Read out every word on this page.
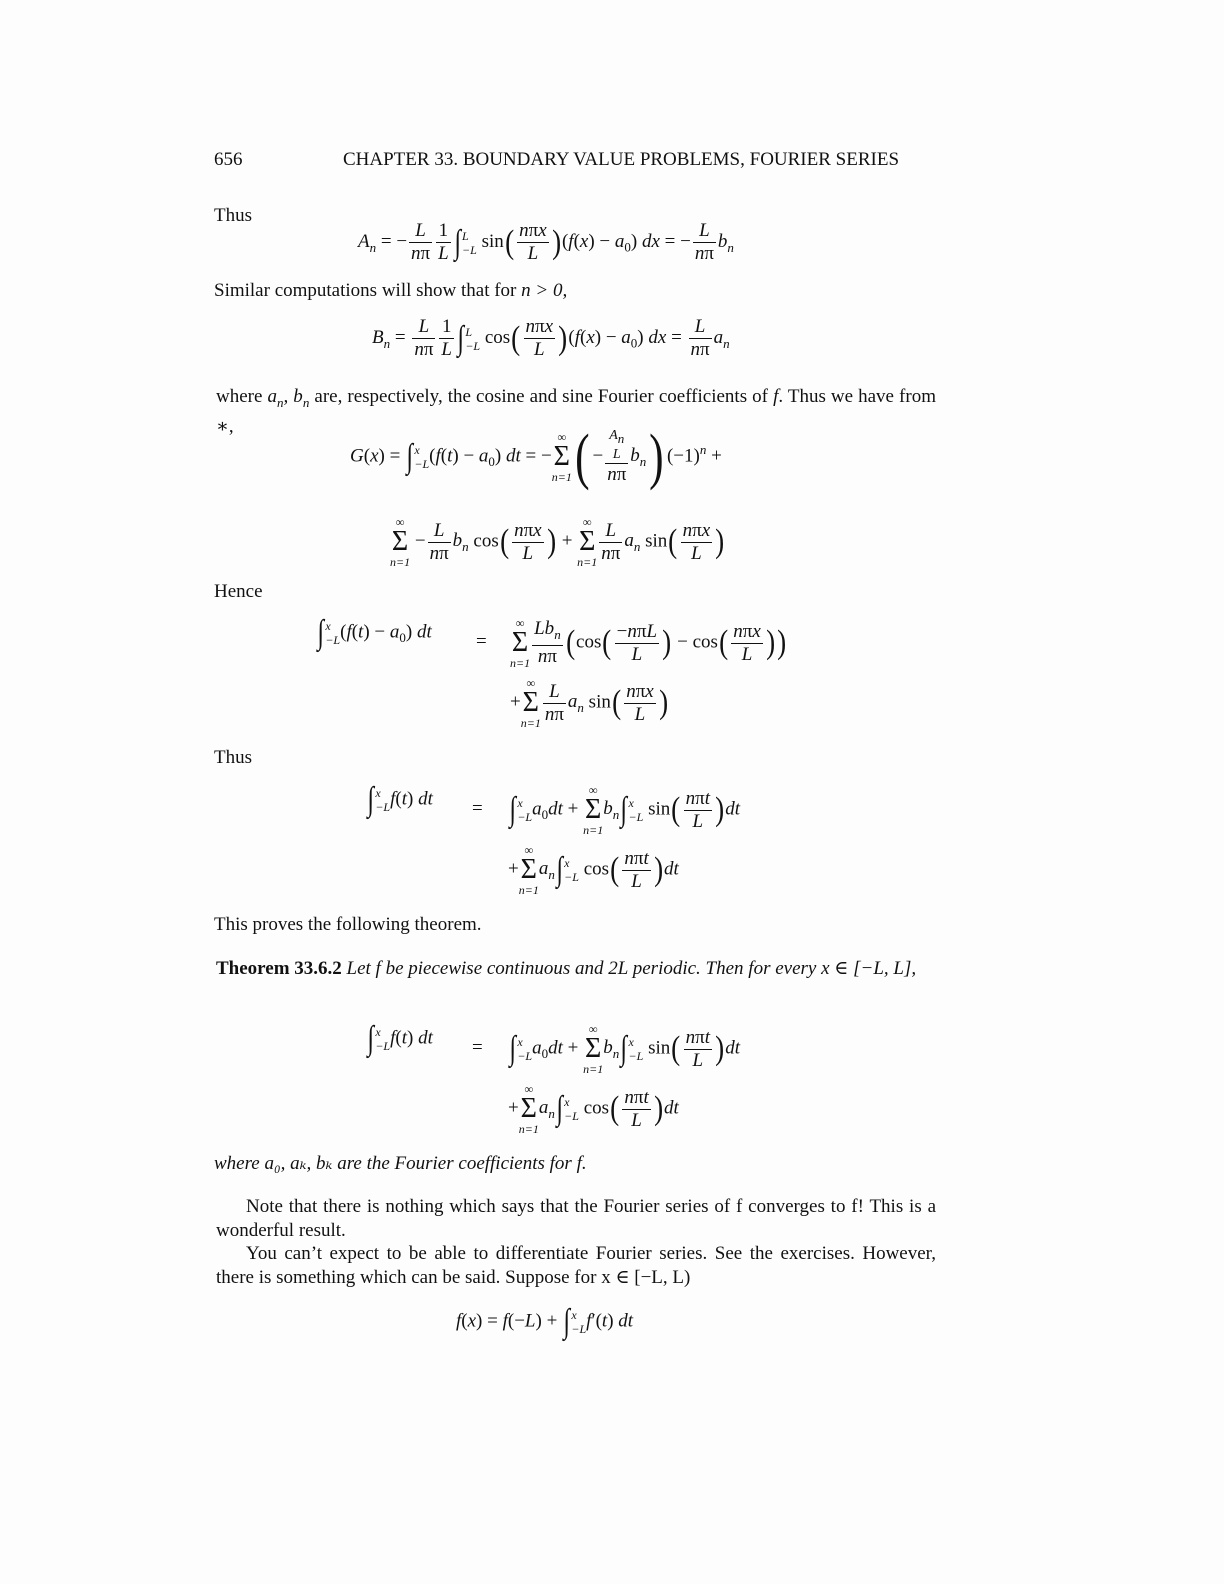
656	CHAPTER 33. BOUNDARY VALUE PROBLEMS, FOURIER SERIES
Thus
$A_n$ = − $\frac{L}{n\pi} \frac{1}{L}$ ∫ L
−L $\sin( \frac{\text{nπx}}{L} )(f(x) - a_0)$ dx = − $\frac{L}{n\pi} b_n$
Similar computations will show that for n > 0,
$B_n = \frac{L}{n\pi} \frac{1}{L}$ ∫ L
−L $\cos( \frac{\text{nπx}}{L} )(f(x) - a_0)$ dx = $\frac{L}{n\pi} a_n$
where $a_n$, $b_n$ are, respectively, the cosine and sine Fourier coefficients of f. Thus we have from ∗,
G(x) = ∫ x
−L $(f(t) - a_0)$ dt = −
∞
Σ
n=1 ( −
$A_n$
L
nπ
$b_n$) $(-1)^n$ +
∞
Σ
n=1
− $\frac{L}{n\pi} b_n$ $\cos( \frac{\text{nπx}}{L}$ ) +
∞
Σ
$n=1 \frac{L}{n\pi} a_n$ $\sin( \frac{\text{nπx}}{L}$ )
Hence
∫ x
−L $(f(t) - a_0)$ dt =
∞
Σ
$n=1 \frac{Lb_n}{n\pi} (\cos( \frac{\text{−nπL}}{L}$ ) − $\cos( \frac{\text{nπx}}{L}$ ))
+
∞
Σ
$n=1 \frac{L}{n\pi} a_n$ $\sin( \frac{\text{nπx}}{L}$ )
Thus
∫ x
−L f(t) dt = ∫ x
−L $a_0dt$ +
∞
Σ
n=1
$b_n\int$ x
−L $\sin( \frac{\text{nπt}}{L} )dt$
+
∞
Σ
n=1
$a_n\int$ x
−L $\cos( \frac{\text{nπt}}{L} )dt$
This proves the following theorem.
Theorem 33.6.2 Let f be piecewise continuous and 2L periodic. Then for every x ∈ [−L, L],
∫ x
−L f(t) dt = ∫ x
−L $a_0dt$ +
∞
Σ
n=1
$b_n\int$ x
−L $\sin( \frac{\text{nπt}}{L} )dt$
+
∞
Σ
n=1
$a_n\int$ x
−L $\cos( \frac{\text{nπt}}{L} )dt$
where a₀, aₖ, bₖ are the Fourier coefficients for f.
Note that there is nothing which says that the Fourier series of f converges to f! This is a wonderful result.
You can’t expect to be able to differentiate Fourier series. See the exercises. However, there is something which can be said. Suppose for x ∈ [−L, L)
f(x) = f(−L) + ∫ x
−L f′(t) dt
